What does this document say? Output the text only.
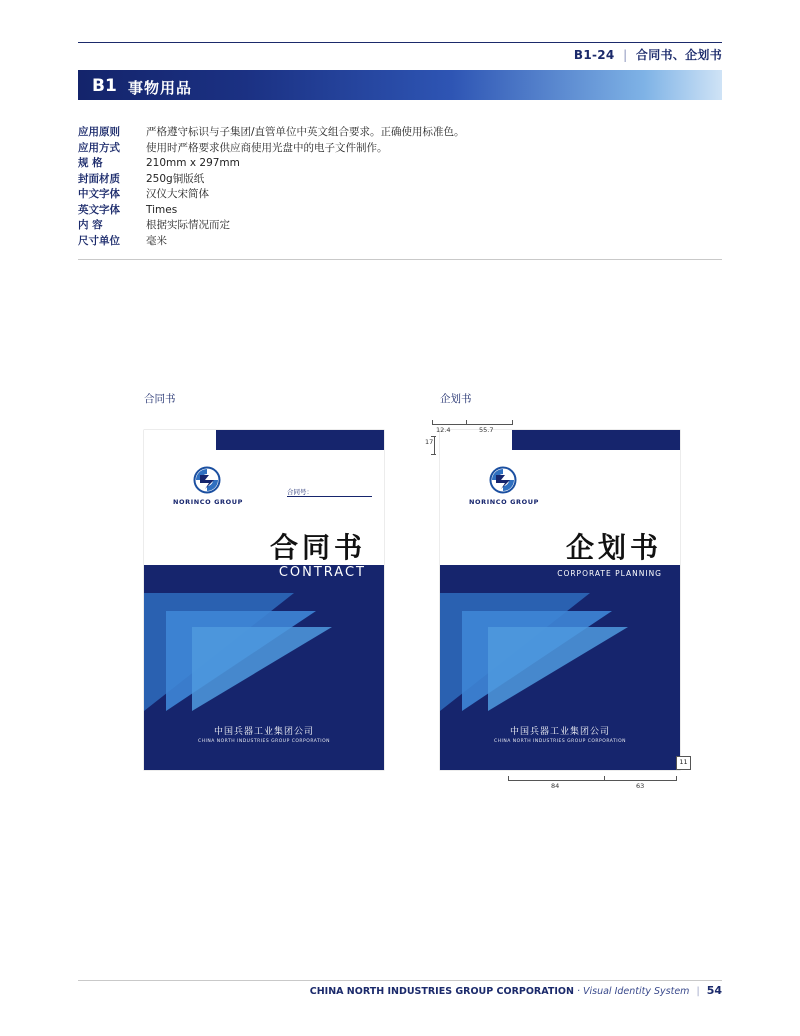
B1-24 | 合同书、企划书
B1 事物用品
应用原则 严格遵守标识与子集团/直管单位中英文组合要求。正确使用标准色。
应用方式 使用时严格要求供应商使用光盘中的电子文件制作。
规 格	210mm x 297mm
封面材质 250g铜版纸
中文字体 汉仪大宋简体
英文字体 Times
内 容	根据实际情况而定
尺寸单位 毫米
合同书	企划书
NORINCO GROUP
合同号：
中国兵器工业集团公司
CHINA NORTH INDUSTRIES GROUP CORPORATION
合同书
CONTRACT
NORINCO GROUP
中国兵器工业集团公司
CHINA NORTH INDUSTRIES GROUP CORPORATION
企划书
CORPORATE PLANNING
12.4	55.7
17
11
84	63
CHINA NORTH INDUSTRIES GROUP CORPORATION · Visual Identity System | 54
